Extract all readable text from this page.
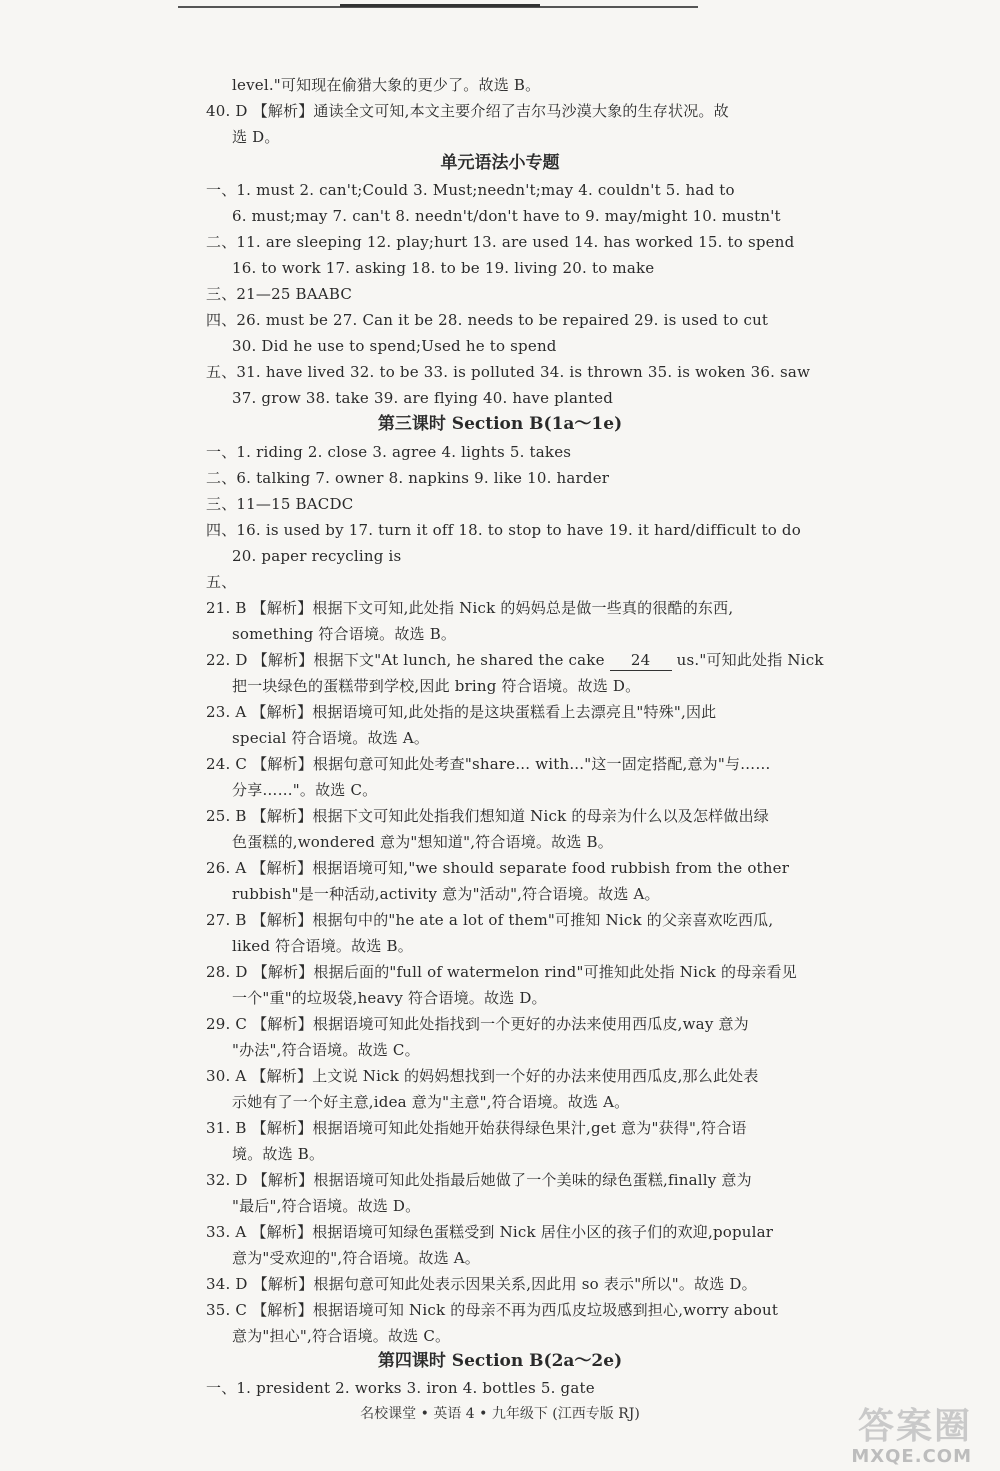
level."可知现在偷猎大象的更少了。故选 B。
40. D 【解析】通读全文可知,本文主要介绍了吉尔马沙漠大象的生存状况。故
选 D。
单元语法小专题
一、1. must 2. can't;Could 3. Must;needn't;may 4. couldn't 5. had to
6. must;may 7. can't 8. needn't/don't have to 9. may/might 10. mustn't
二、11. are sleeping 12. play;hurt 13. are used 14. has worked 15. to spend
16. to work 17. asking 18. to be 19. living 20. to make
三、21—25 BAABC
四、26. must be 27. Can it be 28. needs to be repaired 29. is used to cut
30. Did he use to spend;Used he to spend
五、31. have lived 32. to be 33. is polluted 34. is thrown 35. is woken 36. saw
37. grow 38. take 39. are flying 40. have planted
第三课时 Section B(1a～1e)
一、1. riding 2. close 3. agree 4. lights 5. takes
二、6. talking 7. owner 8. napkins 9. like 10. harder
三、11—15 BACDC
四、16. is used by 17. turn it off 18. to stop to have 19. it hard/difficult to do
20. paper recycling is
五、
21. B 【解析】根据下文可知,此处指 Nick 的妈妈总是做一些真的很酷的东西,
something 符合语境。故选 B。
22. D 【解析】根据下文"At lunch, he shared the cake 24 us."可知此处指 Nick
把一块绿色的蛋糕带到学校,因此 bring 符合语境。故选 D。
23. A 【解析】根据语境可知,此处指的是这块蛋糕看上去漂亮且"特殊",因此
special 符合语境。故选 A。
24. C 【解析】根据句意可知此处考查"share... with..."这一固定搭配,意为"与……
分享……"。故选 C。
25. B 【解析】根据下文可知此处指我们想知道 Nick 的母亲为什么以及怎样做出绿
色蛋糕的,wondered 意为"想知道",符合语境。故选 B。
26. A 【解析】根据语境可知,"we should separate food rubbish from the other
rubbish"是一种活动,activity 意为"活动",符合语境。故选 A。
27. B 【解析】根据句中的"he ate a lot of them"可推知 Nick 的父亲喜欢吃西瓜,
liked 符合语境。故选 B。
28. D 【解析】根据后面的"full of watermelon rind"可推知此处指 Nick 的母亲看见
一个"重"的垃圾袋,heavy 符合语境。故选 D。
29. C 【解析】根据语境可知此处指找到一个更好的办法来使用西瓜皮,way 意为
"办法",符合语境。故选 C。
30. A 【解析】上文说 Nick 的妈妈想找到一个好的办法来使用西瓜皮,那么此处表
示她有了一个好主意,idea 意为"主意",符合语境。故选 A。
31. B 【解析】根据语境可知此处指她开始获得绿色果汁,get 意为"获得",符合语
境。故选 B。
32. D 【解析】根据语境可知此处指最后她做了一个美味的绿色蛋糕,finally 意为
"最后",符合语境。故选 D。
33. A 【解析】根据语境可知绿色蛋糕受到 Nick 居住小区的孩子们的欢迎,popular
意为"受欢迎的",符合语境。故选 A。
34. D 【解析】根据句意可知此处表示因果关系,因此用 so 表示"所以"。故选 D。
35. C 【解析】根据语境可知 Nick 的母亲不再为西瓜皮垃圾感到担心,worry about
意为"担心",符合语境。故选 C。
第四课时 Section B(2a～2e)
一、1. president 2. works 3. iron 4. bottles 5. gate
名校课堂 • 英语 4 • 九年级下 (江西专版 RJ)	答案圈
MXQE.COM
